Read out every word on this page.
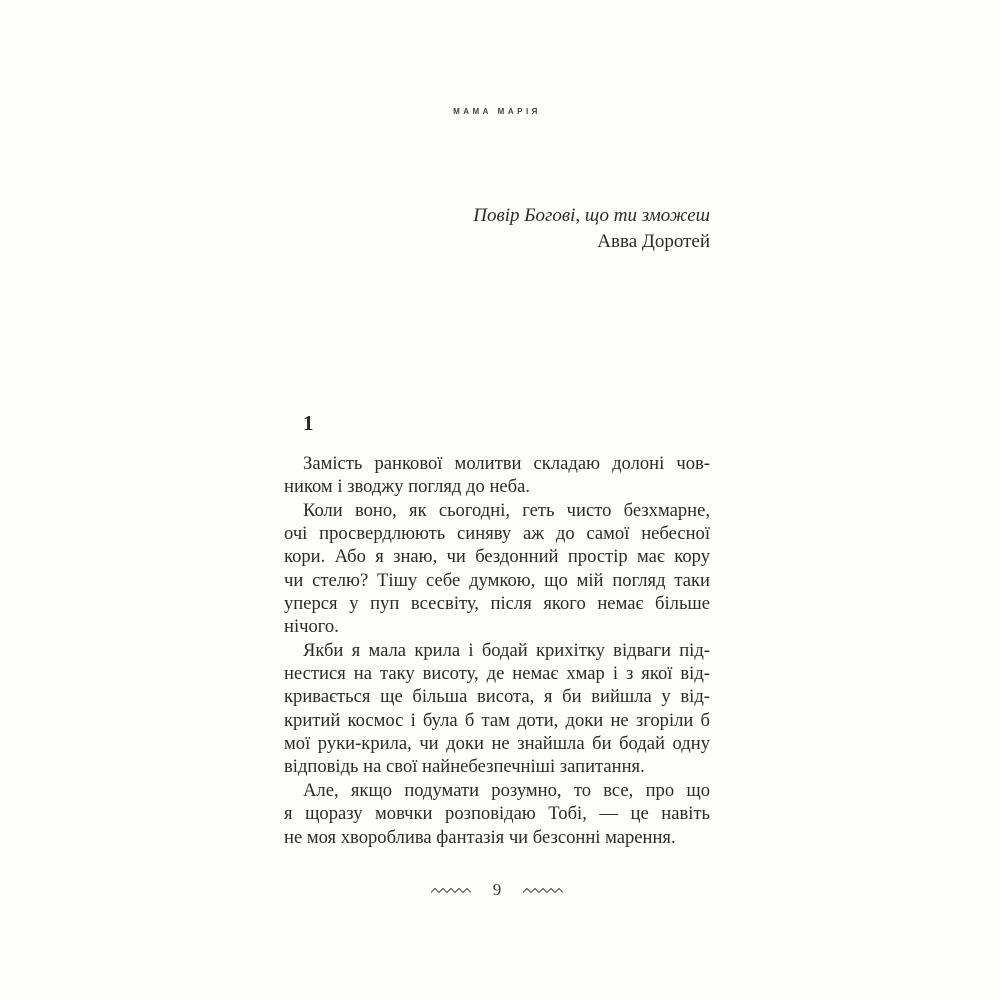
МАМА МАРІЯ
Повір Богові, що ти зможеш
Авва Доротей
1
Замість ранкової молитви складаю долоні чов-
ником і зводжу погляд до неба.
Коли воно, як сьогодні, геть чисто безхмарне,
очі просвердлюють синяву аж до самої небесної
кори. Або я знаю, чи бездонний простір має кору
чи стелю? Тішу себе думкою, що мій погляд таки
уперся у пуп всесвіту, після якого немає більше
нічого.
Якби я мала крила і бодай крихітку відваги під-
нестися на таку висоту, де немає хмар і з якої від-
кривається ще більша висота, я би вийшла у від-
критий космос і була б там доти, доки не згоріли б
мої руки-крила, чи доки не знайшла би бодай одну
відповідь на свої найнебезпечніші запитання.
Але, якщо подумати розумно, то все, про що
я щоразу мовчки розповідаю Тобі, — це навіть
не моя хвороблива фантазія чи безсонні марення.
9
